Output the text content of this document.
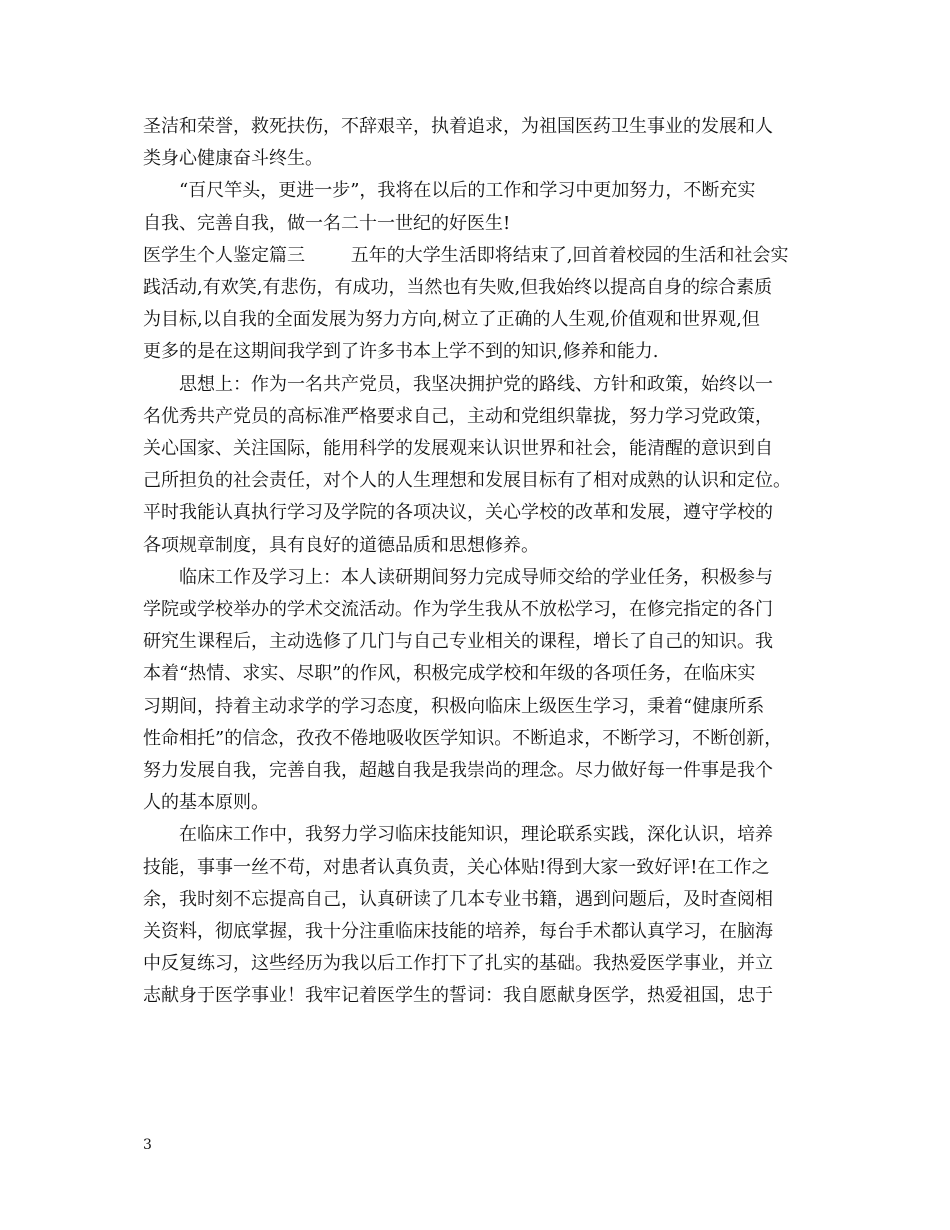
圣洁和荣誉，救死扶伤，不辞艰辛，执着追求，为祖国医药卫生事业的发展和人
类身心健康奋斗终生。

“百尺竿头，更进一步”，我将在以后的工作和学习中更加努力，不断充实
自我、完善自我，做一名二十一世纪的好医生!

医学生个人鉴定篇三        五年的大学生活即将结束了,回首着校园的生活和社会实
践活动,有欢笑,有悲伤，有成功，当然也有失败,但我始终以提高自身的综合素质
为目标,以自我的全面发展为努力方向,树立了正确的人生观,价值观和世界观,但
更多的是在这期间我学到了许多书本上学不到的知识,修养和能力.

思想上：作为一名共产党员，我坚决拥护党的路线、方针和政策，始终以一
名优秀共产党员的高标准严格要求自己，主动和党组织靠拢，努力学习党政策，
关心国家、关注国际，能用科学的发展观来认识世界和社会，能清醒的意识到自
己所担负的社会责任，对个人的人生理想和发展目标有了相对成熟的认识和定位。
平时我能认真执行学习及学院的各项决议，关心学校的改革和发展，遵守学校的
各项规章制度，具有良好的道德品质和思想修养。

临床工作及学习上：本人读研期间努力完成导师交给的学业任务，积极参与
学院或学校举办的学术交流活动。作为学生我从不放松学习，在修完指定的各门
研究生课程后，主动选修了几门与自己专业相关的课程，增长了自己的知识。我
本着“热情、求实、尽职”的作风，积极完成学校和年级的各项任务，在临床实
习期间，持着主动求学的学习态度，积极向临床上级医生学习，秉着“健康所系
性命相托”的信念，孜孜不倦地吸收医学知识。不断追求，不断学习，不断创新，
努力发展自我，完善自我，超越自我是我崇尚的理念。尽力做好每一件事是我个
人的基本原则。

在临床工作中，我努力学习临床技能知识，理论联系实践，深化认识，培养
技能，事事一丝不苟，对患者认真负责，关心体贴!得到大家一致好评!在工作之
余，我时刻不忘提高自己，认真研读了几本专业书籍，遇到问题后，及时查阅相
关资料，彻底掌握，我十分注重临床技能的培养，每台手术都认真学习，在脑海
中反复练习，这些经历为我以后工作打下了扎实的基础。我热爱医学事业，并立
志献身于医学事业！我牢记着医学生的誓词：我自愿献身医学，热爱祖国，忠于

3
